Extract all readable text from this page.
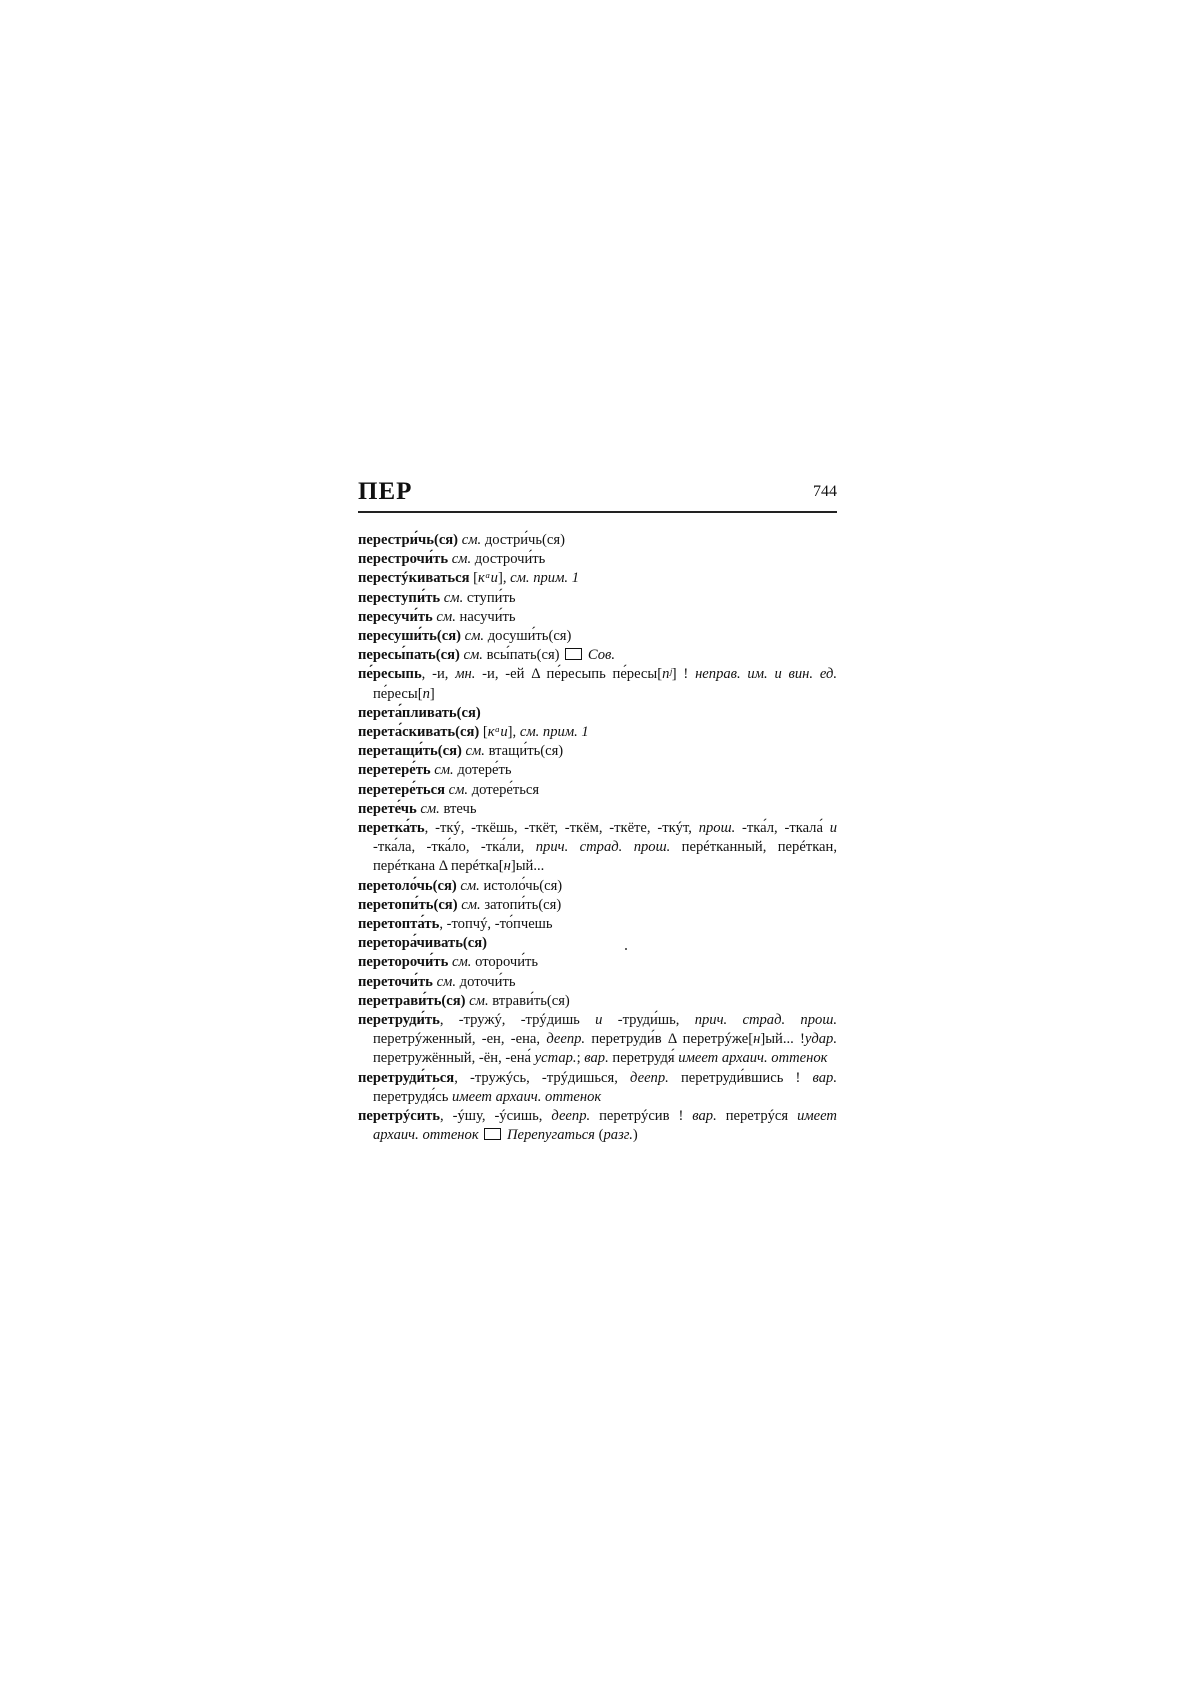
ПЕР	744

перестри́чь(ся) см. достри́чь(ся)

перестрочи́ть см. дострочи́ть

перестýкиваться [кᵃи], см. прим. 1

переступи́ть см. ступи́ть

пересучи́ть см. насучи́ть

пересуши́ть(ся) см. досуши́ть(ся)

пересы́пать(ся) см. всы́пать(ся)  Сов.

пе́ресыпь, -и, мн. -и, -ей Δ пе́ресыпь пе́ресы[пʲ] ! неправ. им. и вин. ед. пе́ресы[п]

перета́пливать(ся)

перета́скивать(ся) [кᵃи], см. прим. 1

перетащи́ть(ся) см. втащи́ть(ся)

перетере́ть см. дотере́ть

перетере́ться см. дотере́ться

перете́чь см. втечь

перетка́ть, -ткý, -ткёшь, -ткёт, -ткём, -ткёте, -ткýт, прош. -тка́л, -ткала́ и -тка́ла, -тка́ло, -тка́ли, прич. страд. прош. перéтканный, перéткан, перéткана Δ перéтка[н]ый...

перетоло́чь(ся) см. истоло́чь(ся)

перетопи́ть(ся) см. затопи́ть(ся)

перетопта́ть, -топчý, -то́пчешь

перетора́чивать(ся)

переторочи́ть см. оторочи́ть

переточи́ть см. доточи́ть

перетрави́ть(ся) см. втрави́ть(ся)

перетруди́ть, -тружý, -трýдишь и -труди́шь, прич. страд. прош. перетрýженный, -ен, -ена, деепр. перетруди́в Δ перетрýже[н]ый... !удар. перетружённый, -ён, -ена́ устар.; вар. перетрудя́ имеет архаич. оттенок

перетруди́ться, -тружýсь, -трýдишься, деепр. перетруди́вшись ! вар. перетрудя́сь имеет архаич. оттенок

перетрýсить, -ýшу, -ýсишь, деепр. перетрýсив ! вар. перетрýся имеет архаич. оттенок Перепугаться (разг.)
